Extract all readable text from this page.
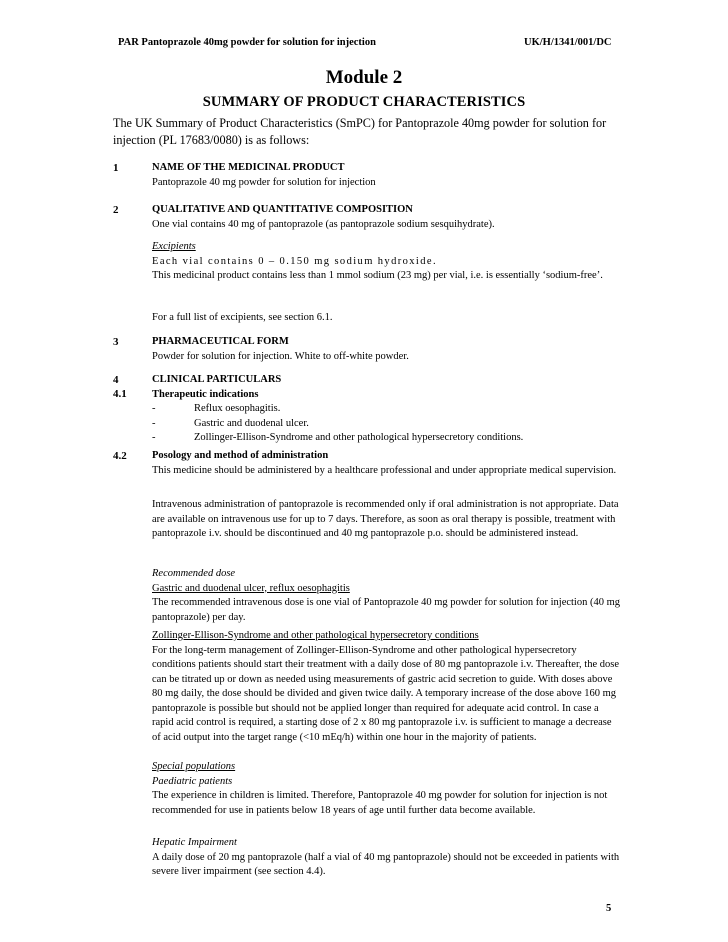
PAR Pantoprazole 40mg powder for solution for injection	UK/H/1341/001/DC
Module 2
SUMMARY OF PRODUCT CHARACTERISTICS
The UK Summary of Product Characteristics (SmPC) for Pantoprazole 40mg powder for solution for injection (PL 17683/0080) is as follows:
1	NAME OF THE MEDICINAL PRODUCT

Pantoprazole 40 mg powder for solution for injection

2	QUALITATIVE AND QUANTITATIVE COMPOSITION

One vial contains 40 mg of pantoprazole (as pantoprazole sodium sesquihydrate).

Excipients

Each vial contains 0 – 0.150 mg sodium hydroxide.

This medicinal product contains less than 1 mmol sodium (23 mg) per vial, i.e. is essentially ‘sodium-free’.

For a full list of excipients, see section 6.1.
3	PHARMACEUTICAL FORM

Powder for solution for injection. White to off-white powder.

4
4.1

CLINICAL PARTICULARS

Therapeutic indications

-	Reflux oesophagitis.
-	Gastric and duodenal ulcer.
-	Zollinger-Ellison-Syndrome and other pathological hypersecretory conditions.
4.2 Posology and method of administration

This medicine should be administered by a healthcare professional and under appropriate medical supervision.

Intravenous administration of pantoprazole is recommended only if oral administration is not appropriate. Data are available on intravenous use for up to 7 days. Therefore, as soon as oral therapy is possible, treatment with pantoprazole i.v. should be discontinued and 40 mg pantoprazole p.o. should be administered instead.

Recommended dose

Gastric and duodenal ulcer, reflux oesophagitis

The recommended intravenous dose is one vial of Pantoprazole 40 mg powder for solution for injection (40 mg pantoprazole) per day.

Zollinger-Ellison-Syndrome and other pathological hypersecretory conditions

For the long-term management of Zollinger-Ellison-Syndrome and other pathological hypersecretory conditions patients should start their treatment with a daily dose of 80 mg pantoprazole i.v. Thereafter, the dose can be titrated up or down as needed using measurements of gastric acid secretion to guide. With doses above 80 mg daily, the dose should be divided and given twice daily. A temporary increase of the dose above 160 mg pantoprazole is possible but should not be applied longer than required for adequate acid control. In case a rapid acid control is required, a starting dose of 2 x 80 mg pantoprazole i.v. is sufficient to manage a decrease of acid output into the target range (<10 mEq/h) within one hour in the majority of patients.

Special populations

Paediatric patients

The experience in children is limited. Therefore, Pantoprazole 40 mg powder for solution for injection is not recommended for use in patients below 18 years of age until further data become available.

Hepatic Impairment

A daily dose of 20 mg pantoprazole (half a vial of 40 mg pantoprazole) should not be exceeded in patients with severe liver impairment (see section 4.4).

5
